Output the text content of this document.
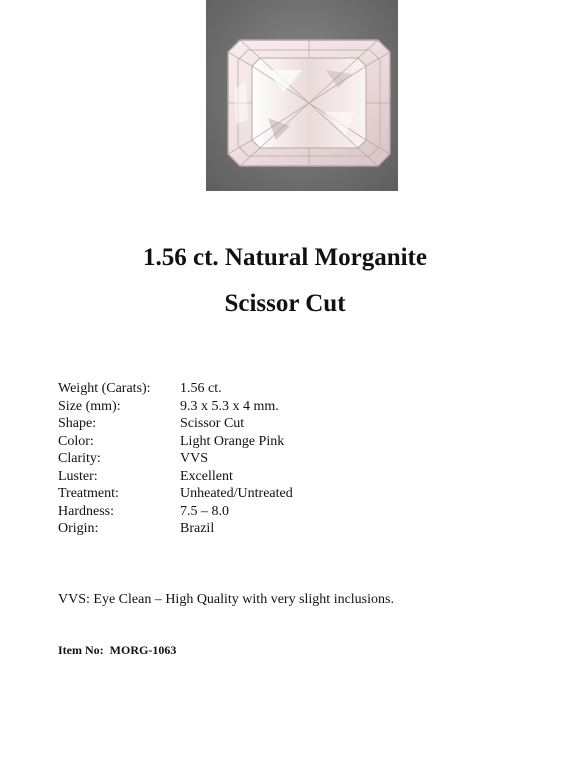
1.56 ct. Natural Morganite
Scissor Cut
Weight (Carats):	1.56 ct.
Size (mm):	9.3 x 5.3 x 4 mm.
Shape:	Scissor Cut
Color:	Light Orange Pink
Clarity:	VVS
Luster:	Excellent
Treatment:	Unheated/Untreated
Hardness:	7.5 – 8.0
Origin:	Brazil
VVS: Eye Clean – High Quality with very slight inclusions.
Item No: MORG-1063
